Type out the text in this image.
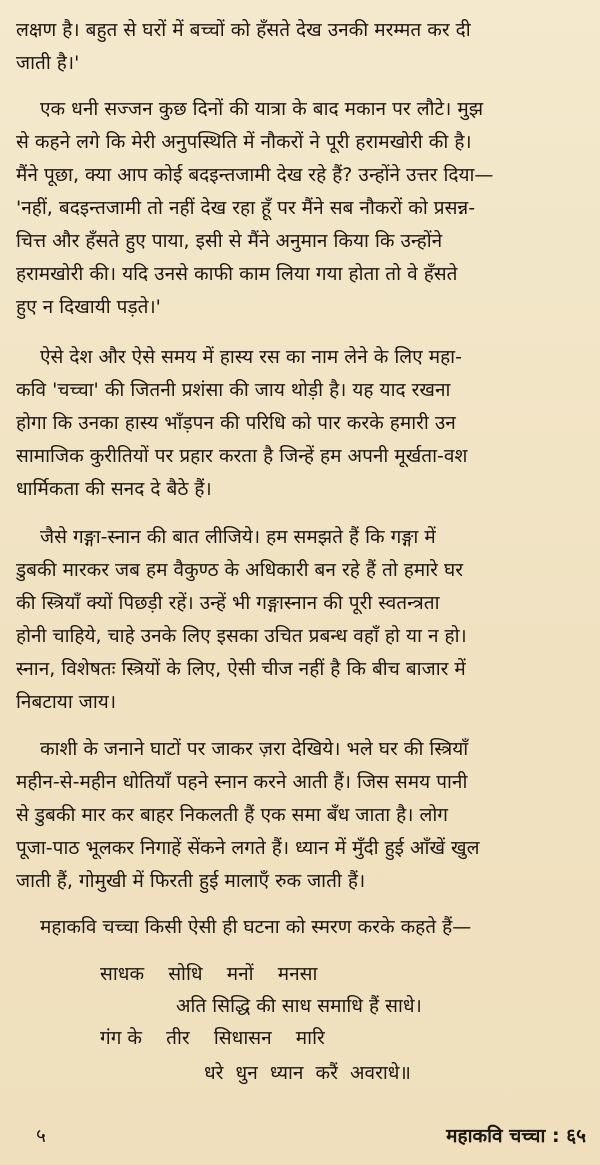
लक्षण है। बहुत से घरों में बच्चों को हँसते देख उनकी मरम्मत कर दी
जाती है।'

एक धनी सज्जन कुछ दिनों की यात्रा के बाद मकान पर लौटे। मुझ
से कहने लगे कि मेरी अनुपस्थिति में नौकरों ने पूरी हरामखोरी की है।
मैंने पूछा, क्या आप कोई बदइन्तजामी देख रहे हैं? उन्होंने उत्तर दिया—
'नहीं, बदइन्तजामी तो नहीं देख रहा हूँ पर मैंने सब नौकरों को प्रसन्न-
चित्त और हँसते हुए पाया, इसी से मैंने अनुमान किया कि उन्होंने
हरामखोरी की। यदि उनसे काफी काम लिया गया होता तो वे हँसते
हुए न दिखायी पड़ते।'

ऐसे देश और ऐसे समय में हास्य रस का नाम लेने के लिए महा-
कवि 'चच्चा' की जितनी प्रशंसा की जाय थोड़ी है। यह याद रखना
होगा कि उनका हास्य भाँड़पन की परिधि को पार करके हमारी उन
सामाजिक कुरीतियों पर प्रहार करता है जिन्हें हम अपनी मूर्खता-वश
धार्मिकता की सनद दे बैठे हैं।

जैसे गङ्गा-स्नान की बात लीजिये। हम समझते हैं कि गङ्गा में
डुबकी मारकर जब हम वैकुण्ठ के अधिकारी बन रहे हैं तो हमारे घर
की स्त्रियाँ क्यों पिछड़ी रहें। उन्हें भी गङ्गास्नान की पूरी स्वतन्त्रता
होनी चाहिये, चाहे उनके लिए इसका उचित प्रबन्ध वहाँ हो या न हो।
स्नान, विशेषतः स्त्रियों के लिए, ऐसी चीज नहीं है कि बीच बाजार में
निबटाया जाय।

काशी के जनाने घाटों पर जाकर ज़रा देखिये। भले घर की स्त्रियाँ
महीन-से-महीन धोतियाँ पहने स्नान करने आती हैं। जिस समय पानी
से डुबकी मार कर बाहर निकलती हैं एक समा बँध जाता है। लोग
पूजा-पाठ भूलकर निगाहें सेंकने लगते हैं। ध्यान में मुँदी हुई आँखें खुल
जाती हैं, गोमुखी में फिरती हुई मालाएँ रुक जाती हैं।

महाकवि चच्चा किसी ऐसी ही घटना को स्मरण करके कहते हैं—

साधक    सोधि    मनों    मनसा
अति सिद्धि की साध समाधि हैं साधे।
गंग के    तीर    सिधासन    मारि
धरे  धुन  ध्यान  करैं  अवराधे॥
५	महाकवि चच्चा : ६५
